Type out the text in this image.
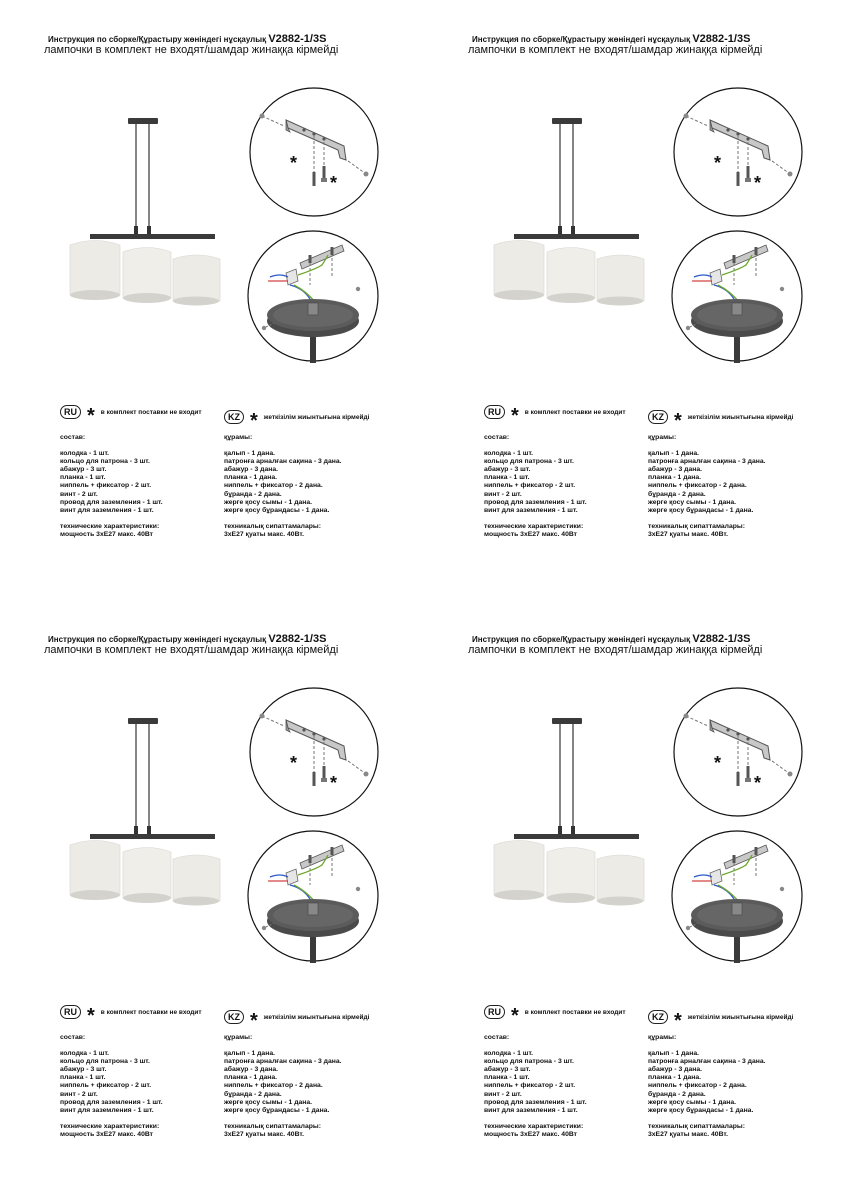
Инструкция по сборке/Құрастыру жөніндегі нұсқаулық V2882-1/3S
лампочки в комплект не входят/шамдар жинаққа кірмейді
*
*
RU * в комплект поставки не входит	KZ * жеткізілім жиынтығына кірмейді
состав:
колодка - 1 шт.
кольцо для патрона - 3 шт.
абажур - 3 шт.
планка - 1 шт.
ниппель + фиксатор - 2 шт.
винт - 2 шт.
провод для заземления - 1 шт.
винт для заземления - 1 шт.
технические характеристики:
мощность 3хЕ27 макс. 40Вт
құрамы:
қалып - 1 дана.
патронға арналған сақина - 3 дана.
абажур - 3 дана.
планка - 1 дана.
ниппель + фиксатор - 2 дана.
бұранда - 2 дана.
жерге қосу сымы - 1 дана.
жерге қосу бұрандасы - 1 дана.
техникалық сипаттамалары:
3хЕ27 қуаты макс. 40Вт.
Инструкция по сборке/Құрастыру жөніндегі нұсқаулық V2882-1/3S
лампочки в комплект не входят/шамдар жинаққа кірмейді
*
*
RU * в комплект поставки не входит	KZ * жеткізілім жиынтығына кірмейді
состав:
колодка - 1 шт.
кольцо для патрона - 3 шт.
абажур - 3 шт.
планка - 1 шт.
ниппель + фиксатор - 2 шт.
винт - 2 шт.
провод для заземления - 1 шт.
винт для заземления - 1 шт.
технические характеристики:
мощность 3хЕ27 макс. 40Вт
құрамы:
қалып - 1 дана.
патронға арналған сақина - 3 дана.
абажур - 3 дана.
планка - 1 дана.
ниппель + фиксатор - 2 дана.
бұранда - 2 дана.
жерге қосу сымы - 1 дана.
жерге қосу бұрандасы - 1 дана.
техникалық сипаттамалары:
3хЕ27 қуаты макс. 40Вт.
Инструкция по сборке/Құрастыру жөніндегі нұсқаулық V2882-1/3S
лампочки в комплект не входят/шамдар жинаққа кірмейді
*
*
RU * в комплект поставки не входит	KZ * жеткізілім жиынтығына кірмейді
состав:
колодка - 1 шт.
кольцо для патрона - 3 шт.
абажур - 3 шт.
планка - 1 шт.
ниппель + фиксатор - 2 шт.
винт - 2 шт.
провод для заземления - 1 шт.
винт для заземления - 1 шт.
технические характеристики:
мощность 3хЕ27 макс. 40Вт
құрамы:
қалып - 1 дана.
патронға арналған сақина - 3 дана.
абажур - 3 дана.
планка - 1 дана.
ниппель + фиксатор - 2 дана.
бұранда - 2 дана.
жерге қосу сымы - 1 дана.
жерге қосу бұрандасы - 1 дана.
техникалық сипаттамалары:
3хЕ27 қуаты макс. 40Вт.
Инструкция по сборке/Құрастыру жөніндегі нұсқаулық V2882-1/3S
лампочки в комплект не входят/шамдар жинаққа кірмейді
*
*
RU * в комплект поставки не входит	KZ * жеткізілім жиынтығына кірмейді
состав:
колодка - 1 шт.
кольцо для патрона - 3 шт.
абажур - 3 шт.
планка - 1 шт.
ниппель + фиксатор - 2 шт.
винт - 2 шт.
провод для заземления - 1 шт.
винт для заземления - 1 шт.
технические характеристики:
мощность 3хЕ27 макс. 40Вт
құрамы:
қалып - 1 дана.
патронға арналған сақина - 3 дана.
абажур - 3 дана.
планка - 1 дана.
ниппель + фиксатор - 2 дана.
бұранда - 2 дана.
жерге қосу сымы - 1 дана.
жерге қосу бұрандасы - 1 дана.
техникалық сипаттамалары:
3хЕ27 қуаты макс. 40Вт.
